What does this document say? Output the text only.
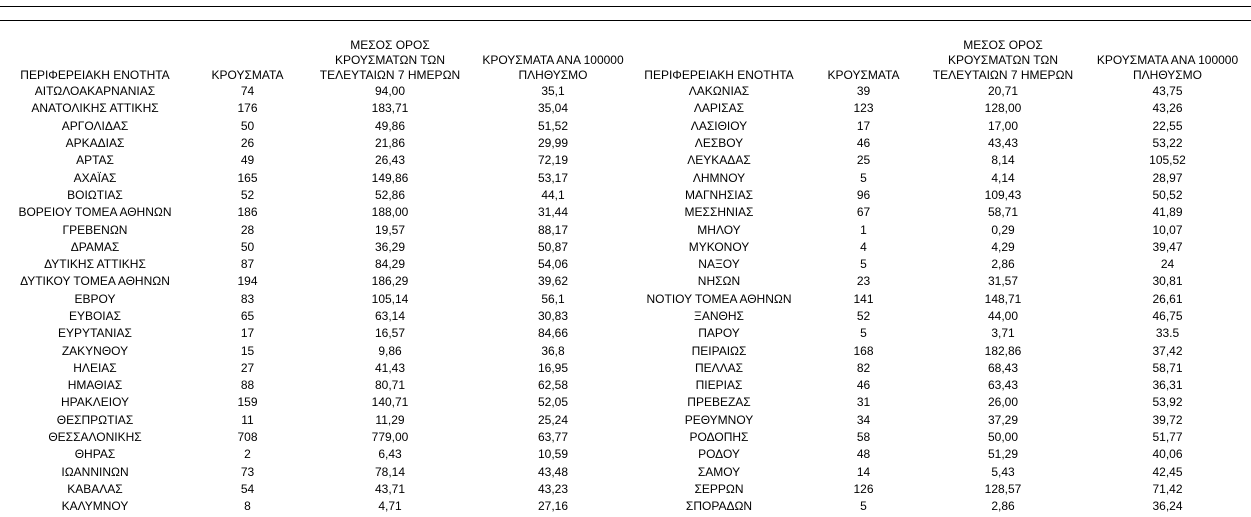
ΠΕΡΙΦΕΡΕΙΑΚΗ ΕΝΟΤΗΤΑ	ΚΡΟΥΣΜΑΤΑ	ΜΕΣΟΣ ΟΡΟΣ
ΚΡΟΥΣΜΑΤΩΝ ΤΩΝ
ΤΕΛΕΥΤΑΙΩΝ 7 ΗΜΕΡΩΝ	ΚΡΟΥΣΜΑΤΑ ΑΝΑ 100000
ΠΛΗΘΥΣΜΟ
ΑΙΤΩΛΟΑΚΑΡΝΑΝΙΑΣ	74	94,00	35,1
ΑΝΑΤΟΛΙΚΗΣ ΑΤΤΙΚΗΣ	176	183,71	35,04
ΑΡΓΟΛΙΔΑΣ	50	49,86	51,52
ΑΡΚΑΔΙΑΣ	26	21,86	29,99
ΑΡΤΑΣ	49	26,43	72,19
ΑΧΑΪΑΣ	165	149,86	53,17
ΒΟΙΩΤΙΑΣ	52	52,86	44,1
ΒΟΡΕΙΟΥ ΤΟΜΕΑ ΑΘΗΝΩΝ	186	188,00	31,44
ΓΡΕΒΕΝΩΝ	28	19,57	88,17
ΔΡΑΜΑΣ	50	36,29	50,87
ΔΥΤΙΚΗΣ ΑΤΤΙΚΗΣ	87	84,29	54,06
ΔΥΤΙΚΟΥ ΤΟΜΕΑ ΑΘΗΝΩΝ	194	186,29	39,62
ΕΒΡΟΥ	83	105,14	56,1
ΕΥΒΟΙΑΣ	65	63,14	30,83
ΕΥΡΥΤΑΝΙΑΣ	17	16,57	84,66
ΖΑΚΥΝΘΟΥ	15	9,86	36,8
ΗΛΕΙΑΣ	27	41,43	16,95
ΗΜΑΘΙΑΣ	88	80,71	62,58
ΗΡΑΚΛΕΙΟΥ	159	140,71	52,05
ΘΕΣΠΡΩΤΙΑΣ	11	11,29	25,24
ΘΕΣΣΑΛΟΝΙΚΗΣ	708	779,00	63,77
ΘΗΡΑΣ	2	6,43	10,59
ΙΩΑΝΝΙΝΩΝ	73	78,14	43,48
ΚΑΒΑΛΑΣ	54	43,71	43,23
ΚΑΛΥΜΝΟΥ	8	4,71	27,16
ΠΕΡΙΦΕΡΕΙΑΚΗ ΕΝΟΤΗΤΑ	ΚΡΟΥΣΜΑΤΑ	ΜΕΣΟΣ ΟΡΟΣ
ΚΡΟΥΣΜΑΤΩΝ ΤΩΝ
ΤΕΛΕΥΤΑΙΩΝ 7 ΗΜΕΡΩΝ	ΚΡΟΥΣΜΑΤΑ ΑΝΑ 100000
ΠΛΗΘΥΣΜΟ
ΛΑΚΩΝΙΑΣ	39	20,71	43,75
ΛΑΡΙΣΑΣ	123	128,00	43,26
ΛΑΣΙΘΙΟΥ	17	17,00	22,55
ΛΕΣΒΟΥ	46	43,43	53,22
ΛΕΥΚΑΔΑΣ	25	8,14	105,52
ΛΗΜΝΟΥ	5	4,14	28,97
ΜΑΓΝΗΣΙΑΣ	96	109,43	50,52
ΜΕΣΣΗΝΙΑΣ	67	58,71	41,89
ΜΗΛΟΥ	1	0,29	10,07
ΜΥΚΟΝΟΥ	4	4,29	39,47
ΝΑΞΟΥ	5	2,86	24
ΝΗΣΩΝ	23	31,57	30,81
ΝΟΤΙΟΥ ΤΟΜΕΑ ΑΘΗΝΩΝ	141	148,71	26,61
ΞΑΝΘΗΣ	52	44,00	46,75
ΠΑΡΟΥ	5	3,71	33.5
ΠΕΙΡΑΙΩΣ	168	182,86	37,42
ΠΕΛΛΑΣ	82	68,43	58,71
ΠΙΕΡΙΑΣ	46	63,43	36,31
ΠΡΕΒΕΖΑΣ	31	26,00	53,92
ΡΕΘΥΜΝΟΥ	34	37,29	39,72
ΡΟΔΟΠΗΣ	58	50,00	51,77
ΡΟΔΟΥ	48	51,29	40,06
ΣΑΜΟΥ	14	5,43	42,45
ΣΕΡΡΩΝ	126	128,57	71,42
ΣΠΟΡΑΔΩΝ	5	2,86	36,24
